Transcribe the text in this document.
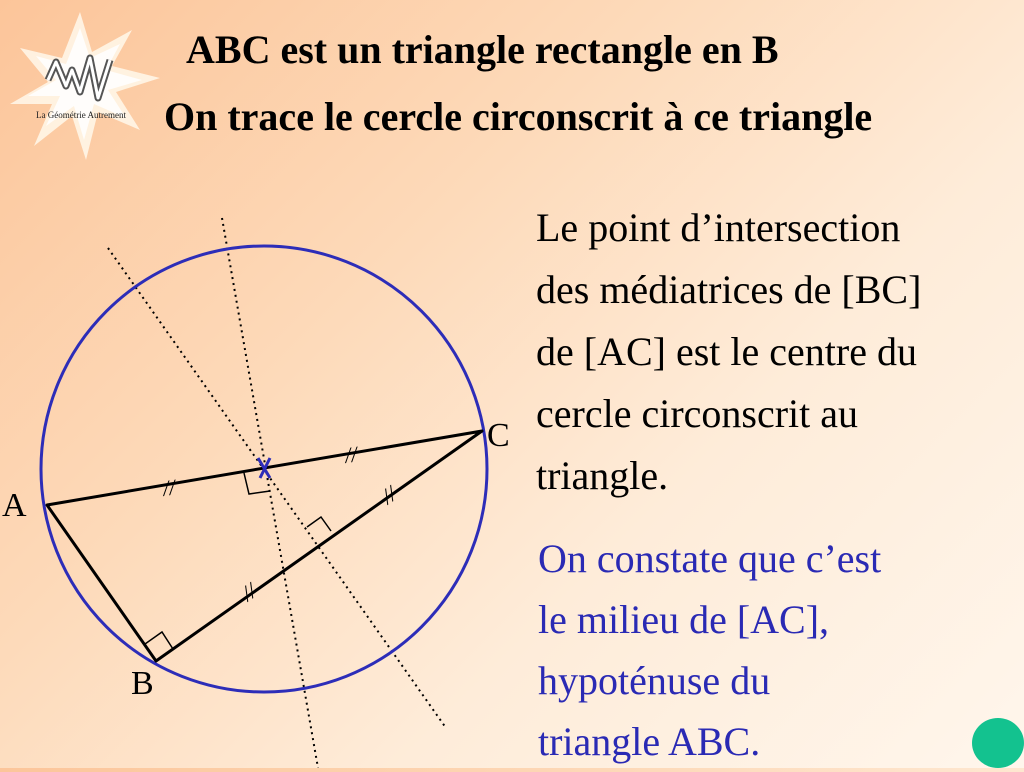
La Géométrie Autrement
ABC est un triangle rectangle en B
On trace le cercle circonscrit à ce triangle
//
//
//
//
A
B
C

Le point d’intersection
des médiatrices de [BC]
de [AC] est le centre du
cercle circonscrit au
triangle.

On constate que c’est
le milieu de [AC],
hypoténuse du
triangle ABC.
